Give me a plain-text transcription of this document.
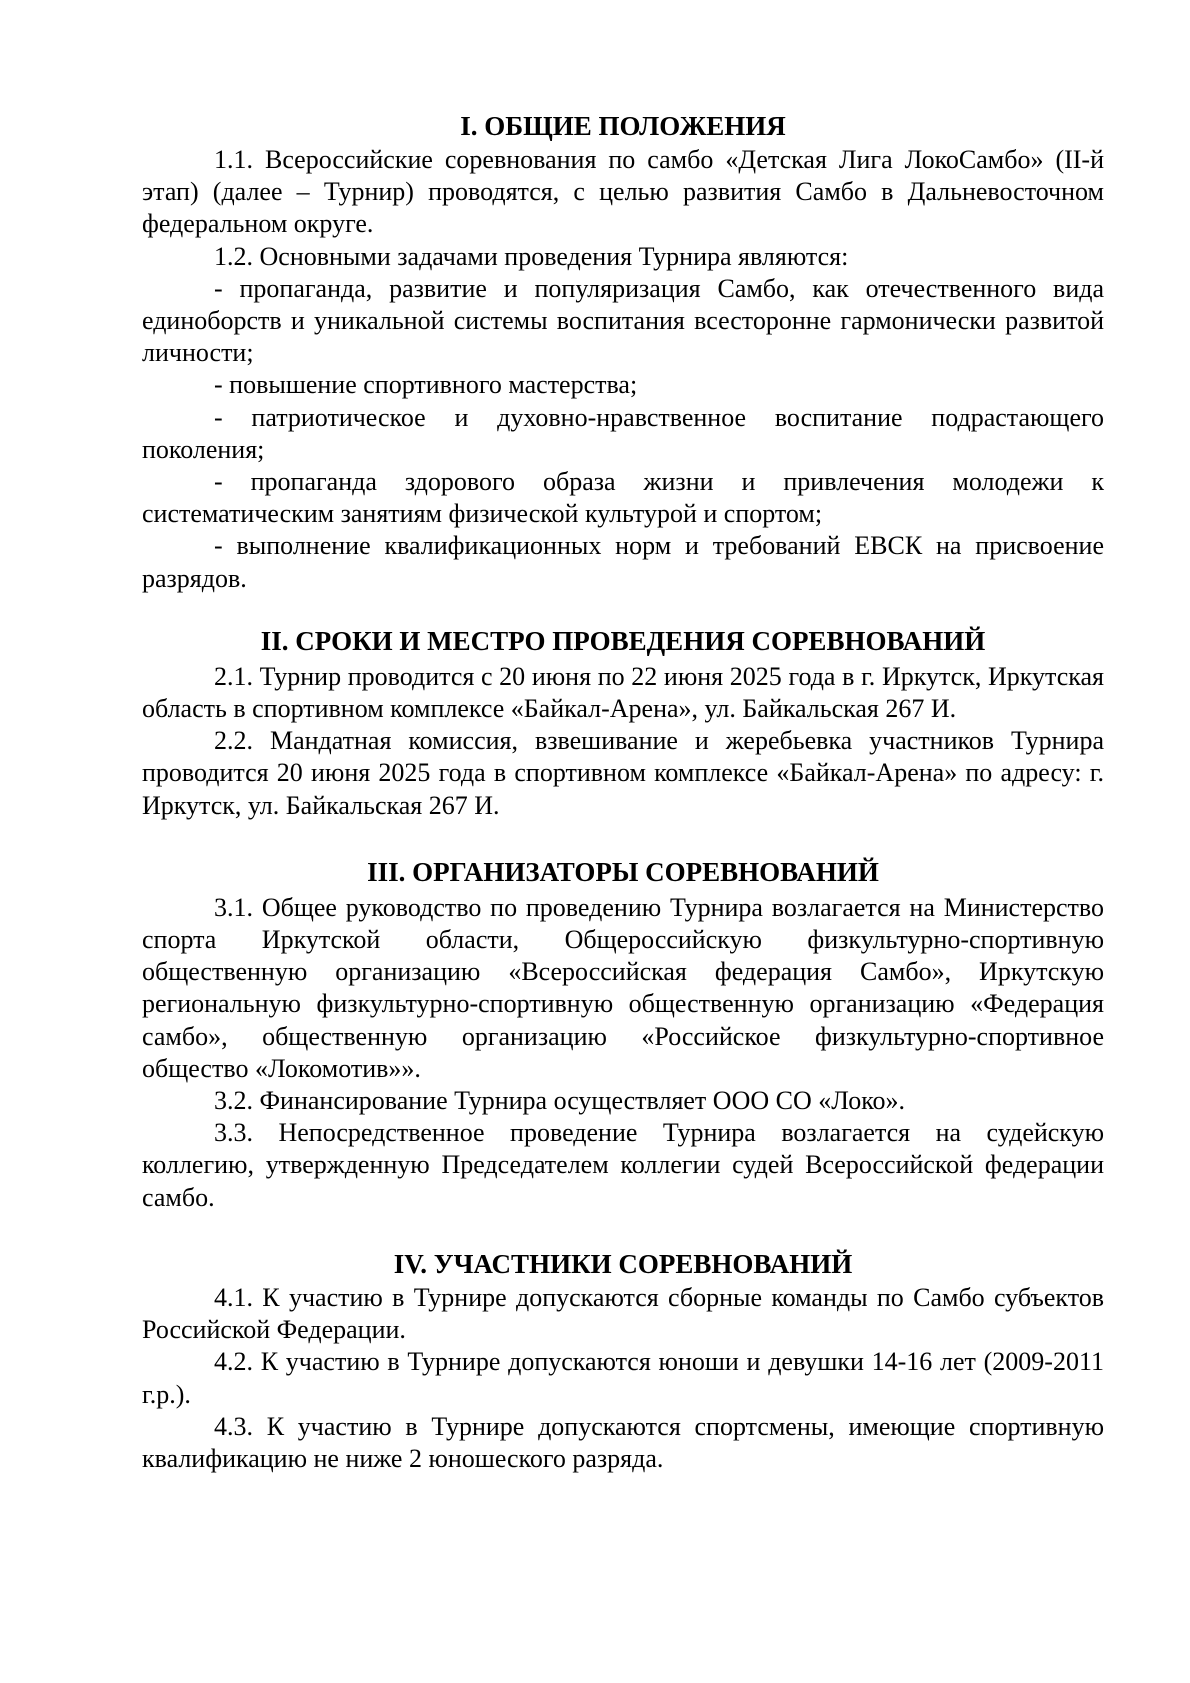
I. ОБЩИЕ ПОЛОЖЕНИЯ

1.1. Всероссийские соревнования по самбо «Детская Лига ЛокоСамбо» (II-й этап) (далее – Турнир) проводятся, с целью развития Самбо в Дальневосточном федеральном округе.

1.2. Основными задачами проведения Турнира являются:

- пропаганда, развитие и популяризация Самбо, как отечественного вида единоборств и уникальной системы воспитания всесторонне гармонически развитой личности;

- повышение спортивного мастерства;

- патриотическое и духовно-нравственное воспитание подрастающего поколения;

- пропаганда здорового образа жизни и привлечения молодежи к систематическим занятиям физической культурой и спортом;

- выполнение квалификационных норм и требований ЕВСК на присвоение разрядов.

II. СРОКИ И МЕСТРО ПРОВЕДЕНИЯ СОРЕВНОВАНИЙ

2.1. Турнир проводится с 20 июня по 22 июня 2025 года в г. Иркутск, Иркутская область в спортивном комплексе «Байкал-Арена», ул. Байкальская 267 И.

2.2. Мандатная комиссия, взвешивание и жеребьевка участников Турнира проводится 20 июня 2025 года в спортивном комплексе «Байкал-Арена» по адресу: г. Иркутск, ул. Байкальская 267 И.

III. ОРГАНИЗАТОРЫ СОРЕВНОВАНИЙ

3.1. Общее руководство по проведению Турнира возлагается на Министерство спорта Иркутской области, Общероссийскую физкультурно-спортивную общественную организацию «Всероссийская федерация Самбо», Иркутскую региональную физкультурно-спортивную общественную организацию «Федерация самбо», общественную организацию «Российское физкультурно-спортивное общество «Локомотив»».

3.2. Финансирование Турнира осуществляет ООО СО «Локо».

3.3. Непосредственное проведение Турнира возлагается на судейскую коллегию, утвержденную Председателем коллегии судей Всероссийской федерации самбо.

IV. УЧАСТНИКИ СОРЕВНОВАНИЙ

4.1. К участию в Турнире допускаются сборные команды по Самбо субъектов Российской Федерации.

4.2. К участию в Турнире допускаются юноши и девушки 14-16 лет (2009-2011 г.р.).

4.3. К участию в Турнире допускаются спортсмены, имеющие спортивную квалификацию не ниже 2 юношеского разряда.
